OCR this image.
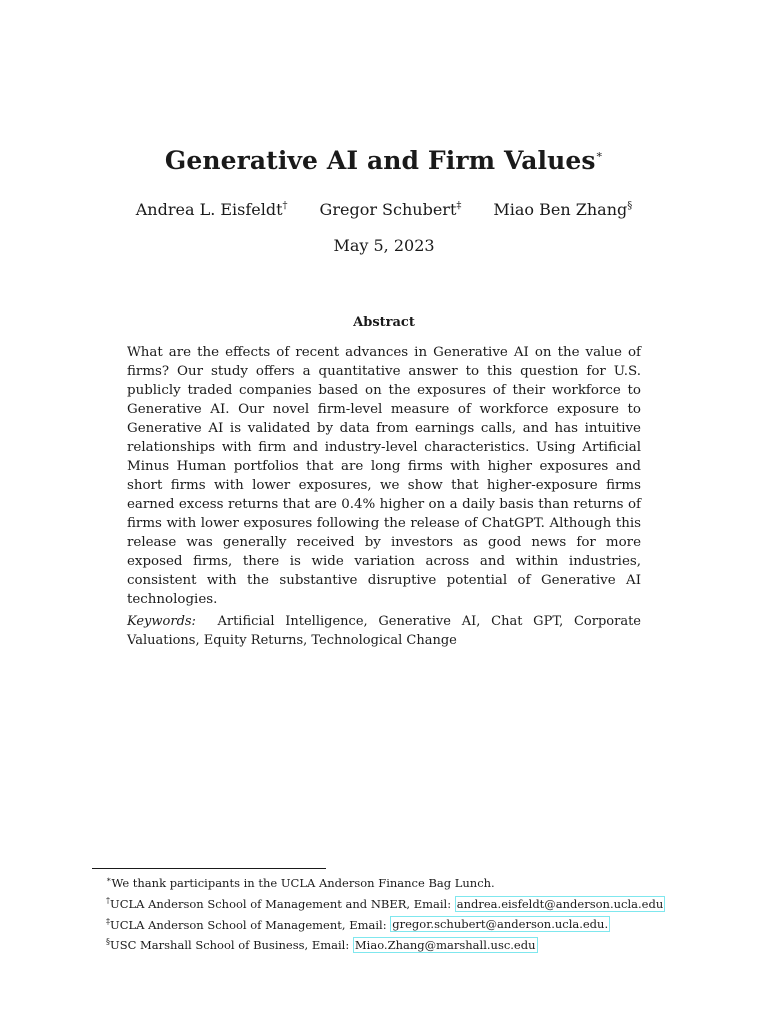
Generative AI and Firm Values∗
Andrea L. Eisfeldt† Gregor Schubert‡ Miao Ben Zhang§
May 5, 2023
Abstract
What are the effects of recent advances in Generative AI on the value of firms? Our study offers a quantitative answer to this question for U.S. publicly traded companies based on the exposures of their workforce to Generative AI. Our novel firm-level measure of workforce exposure to Generative AI is validated by data from earnings calls, and has intuitive relationships with firm and industry-level characteristics. Using Artificial Minus Human portfolios that are long firms with higher exposures and short firms with lower exposures, we show that higher-exposure firms earned excess returns that are 0.4% higher on a daily basis than returns of firms with lower exposures following the release of ChatGPT. Although this release was generally received by investors as good news for more exposed firms, there is wide variation across and within industries, consistent with the substantive disruptive potential of Generative AI technologies.
Keywords: Artificial Intelligence, Generative AI, Chat GPT, Corporate Valuations, Equity Returns, Technological Change
∗We thank participants in the UCLA Anderson Finance Bag Lunch.
†UCLA Anderson School of Management and NBER, Email: andrea.eisfeldt@anderson.ucla.edu
‡UCLA Anderson School of Management, Email: gregor.schubert@anderson.ucla.edu.
§USC Marshall School of Business, Email: Miao.Zhang@marshall.usc.edu
